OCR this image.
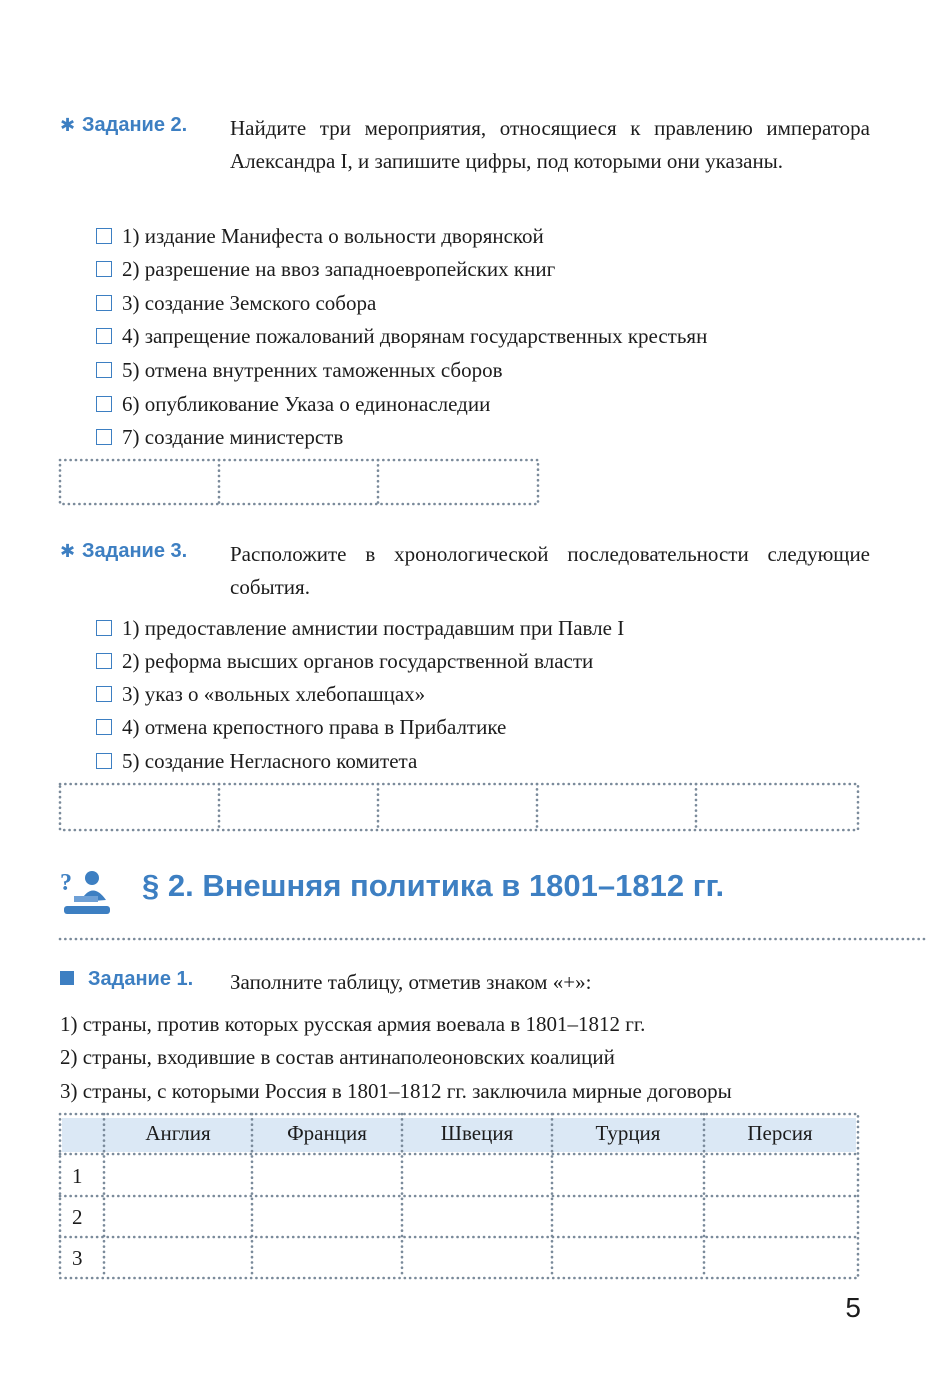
✱ Задание 2. Найдите три мероприятия, относящиеся к правлению императора Александра I, и запишите цифры, под которыми они указаны.
1) издание Манифеста о вольности дворянской
2) разрешение на ввоз западноевропейских книг
3) создание Земского собора
4) запрещение пожалований дворянам государственных крестьян
5) отмена внутренних таможенных сборов
6) опубликование Указа о единонаследии
7) создание министерств
✱ Задание 3. Расположите в хронологической последовательности следующие события.
1) предоставление амнистии пострадавшим при Павле I
2) реформа высших органов государственной власти
3) указ о «вольных хлебопашцах»
4) отмена крепостного права в Прибалтике
5) создание Негласного комитета
? § 2. Внешняя политика в 1801–1812 гг.
Задание 1. Заполните таблицу, отметив знаком «+»:
1) страны, против которых русская армия воевала в 1801–1812 гг.
2) страны, входившие в состав антинаполеоновских коалиций
3) страны, с которыми Россия в 1801–1812 гг. заключила мирные договоры
Англия	Франция	Швеция	Турция	Персия
1
2
3
5
